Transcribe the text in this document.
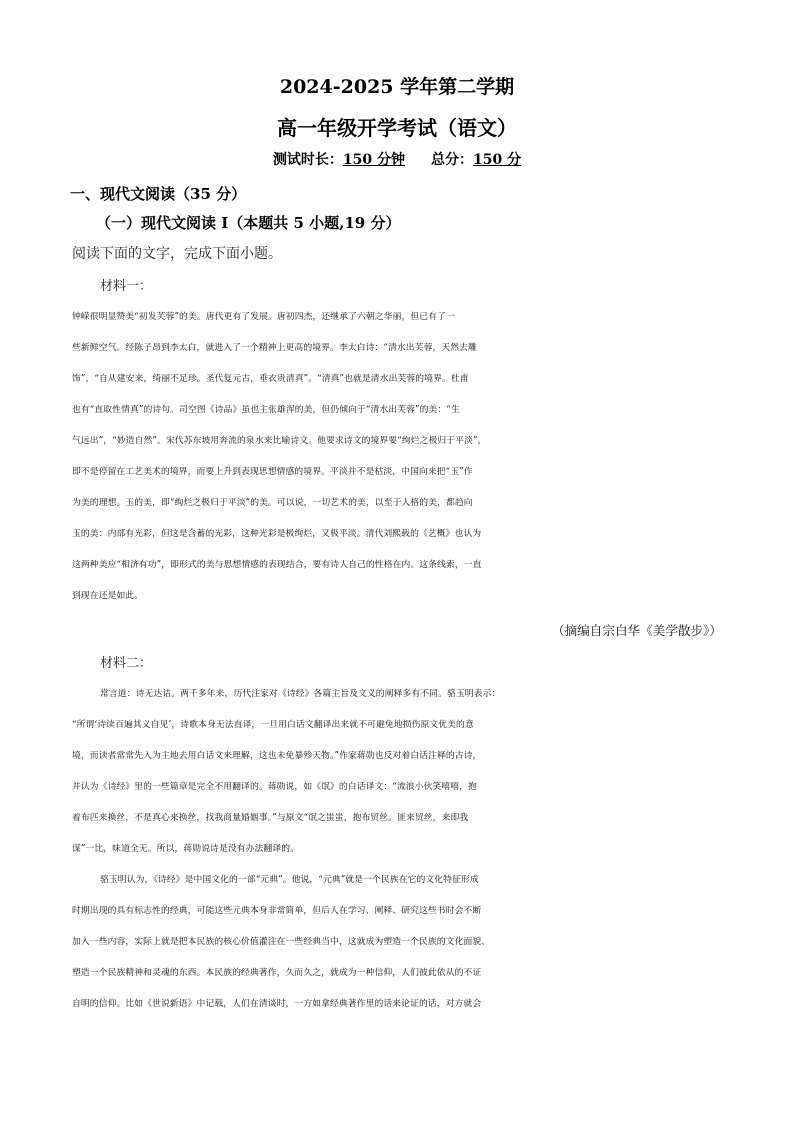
2024-2025 学年第二学期
高一年级开学考试（语文）
测试时长：150 分钟 总分：150 分
一、现代文阅读（35 分）
（一）现代文阅读 I（本题共 5 小题,19 分）
阅读下面的文字，完成下面小题。
材料一：
钟嵘很明显赞美“初发芙蓉”的美。唐代更有了发展。唐初四杰，还继承了六朝之华丽，但已有了一
些新鲜空气。经陈子昂到李太白，就进入了一个精神上更高的境界。李太白诗：“清水出芙蓉，天然去雕
饰”，“自从建安来，绮丽不足珍。圣代复元古，垂衣贵清真”。“清真”也就是清水出芙蓉的境界。杜甫
也有“直取性情真”的诗句。司空图《诗品》虽也主张雄浑的美，但仍倾向于“清水出芙蓉”的美：“生
气远出”，“妙造自然”。宋代苏东坡用奔流的泉水来比喻诗文。他要求诗文的境界要“绚烂之极归于平淡”，
即不是停留在工艺美术的境界，而要上升到表现思想情感的境界。平淡并不是枯淡，中国向来把“玉”作
为美的理想。玉的美，即“绚烂之极归于平淡”的美。可以说，一切艺术的美，以至于人格的美，都趋向
玉的美：内部有光彩，但这是含蓄的光彩，这种光彩是极绚烂，又极平淡。清代刘熙载的《艺概》也认为
这两种美应“相济有功”，即形式的美与思想情感的表现结合，要有诗人自己的性格在内。这条线索，一直
到现在还是如此。
（摘编自宗白华《美学散步》）
材料二：
常言道：诗无达诂。两千多年来，历代注家对《诗经》各篇主旨及文义的阐释多有不同。骆玉明表示：
“所谓‘诗读百遍其义自见’，诗歌本身无法直译，一旦用白话文翻译出来就不可避免地损伤原文优美的意
境，而读者常常先入为主地去用白话文来理解，这也未免暴殄天物。”作家蒋勋也反对着白话注释的古诗，
并认为《诗经》里的一些篇章是完全不用翻译的。蒋勋说，如《氓》的白话译文：“流浪小伙笑嘻嘻，抱
着布匹来换丝，不是真心来换丝，找我商量婚姻事。”与原文“氓之蚩蚩，抱布贸丝。匪来贸丝，来即我
谋”一比，味道全无。所以，蒋勋说诗是没有办法翻译的。
骆玉明认为，《诗经》是中国文化的一部“元典”。他说，“元典”就是一个民族在它的文化特征形成
时期出现的具有标志性的经典，可能这些元典本身非常简单，但后人在学习、阐释、研究这些书时会不断
加入一些内容，实际上就是把本民族的核心价值灌注在一些经典当中，这就成为塑造一个民族的文化面貌、
塑造一个民族精神和灵魂的东西。本民族的经典著作，久而久之，就成为一种信仰，人们彼此依从的不证
自明的信仰。比如《世说新语》中记载，人们在清谈时，一方如拿经典著作里的话来论证的话，对方就会
